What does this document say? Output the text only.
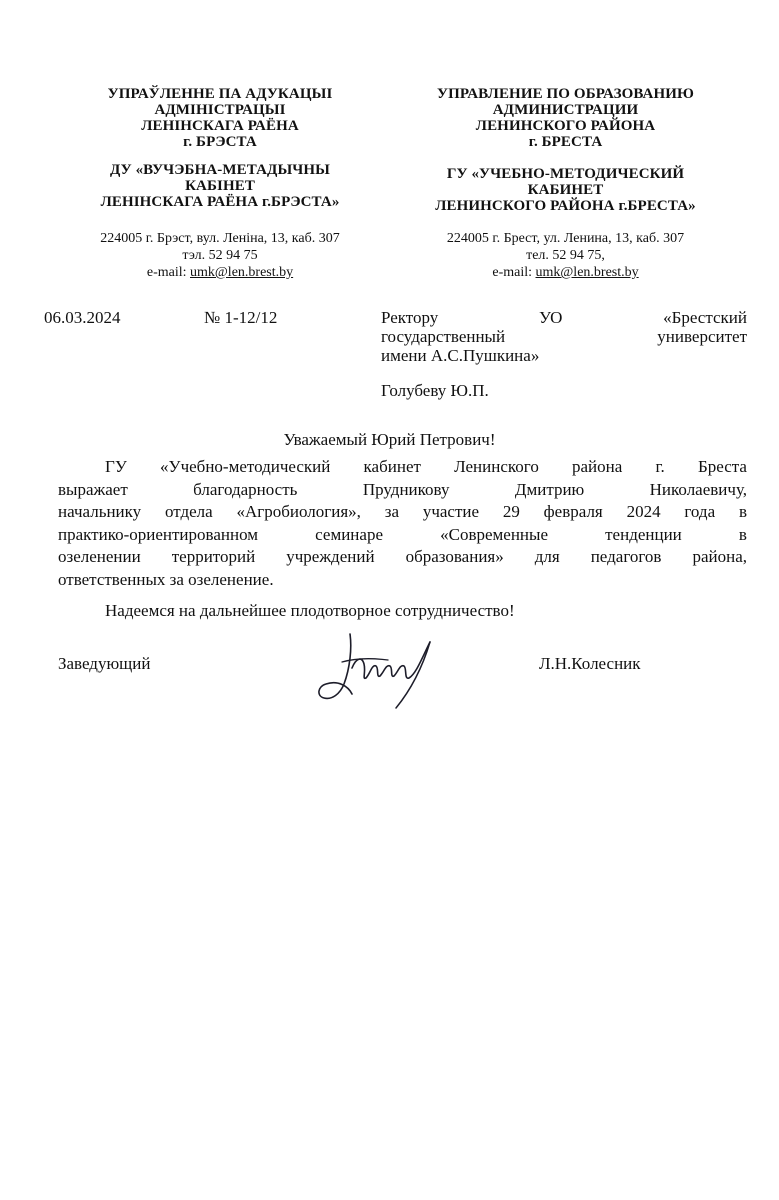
УПРАЎЛЕННЕ ПА АДУКАЦЫІ
АДМІНІСТРАЦЫІ
ЛЕНІНСКАГА РАЁНА
г. БРЭСТА
ДУ «ВУЧЭБНА-МЕТАДЫЧНЫ
КАБІНЕТ
ЛЕНІНСКАГА РАЁНА г.БРЭСТА»
224005 г. Брэст, вул. Леніна, 13, каб. 307
тэл. 52 94 75
e-mail: umk@len.brest.by
УПРАВЛЕНИЕ ПО ОБРАЗОВАНИЮ
АДМИНИСТРАЦИИ
ЛЕНИНСКОГО РАЙОНА
г. БРЕСТА
ГУ «УЧЕБНО-МЕТОДИЧЕСКИЙ
КАБИНЕТ
ЛЕНИНСКОГО РАЙОНА г.БРЕСТА»
224005 г. Брест, ул. Ленина, 13, каб. 307
тел. 52 94 75,
e-mail: umk@len.brest.by
06.03.2024	№ 1-12/12	Ректору	УО	«Брестский
государственный	университет
имени А.С.Пушкина»
Голубеву Ю.П.
Уважаемый Юрий Петрович!
ГУ «Учебно-методический кабинет Ленинского района г. Бреста
выражает	благодарность	Прудникову	Дмитрию	Николаевичу,
начальнику отдела «Агробиология», за участие 29 февраля 2024 года в
практико-ориентированном	семинаре	«Современные	тенденции	в
озеленении территорий учреждений образования» для педагогов района,
ответственных за озеленение.
Надеемся на дальнейшее плодотворное сотрудничество!
Заведующий	Л.Н.Колесник
